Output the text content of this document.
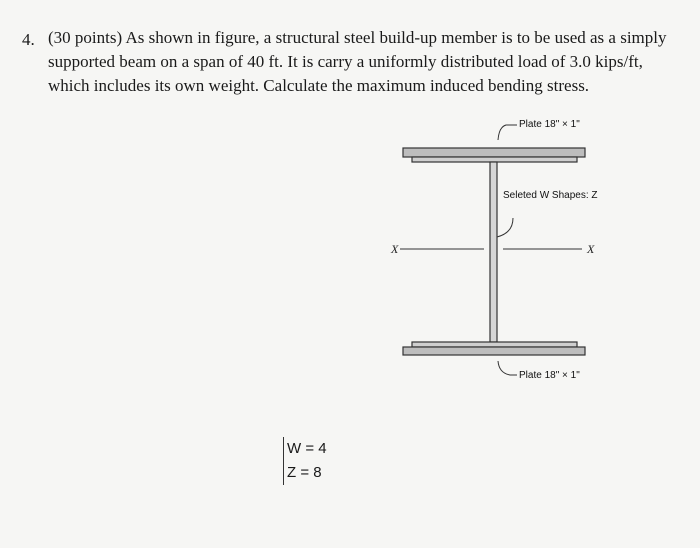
4. (30 points) As shown in figure, a structural steel build-up member is to be used as a simply supported beam on a span of 40 ft. It is carry a uniformly distributed load of 3.0 kips/ft, which includes its own weight. Calculate the maximum induced bending stress.
Plate 18" × 1"
Seleted W Shapes: Z
Plate 18" × 1"
X	X
W = 4
Z = 8
